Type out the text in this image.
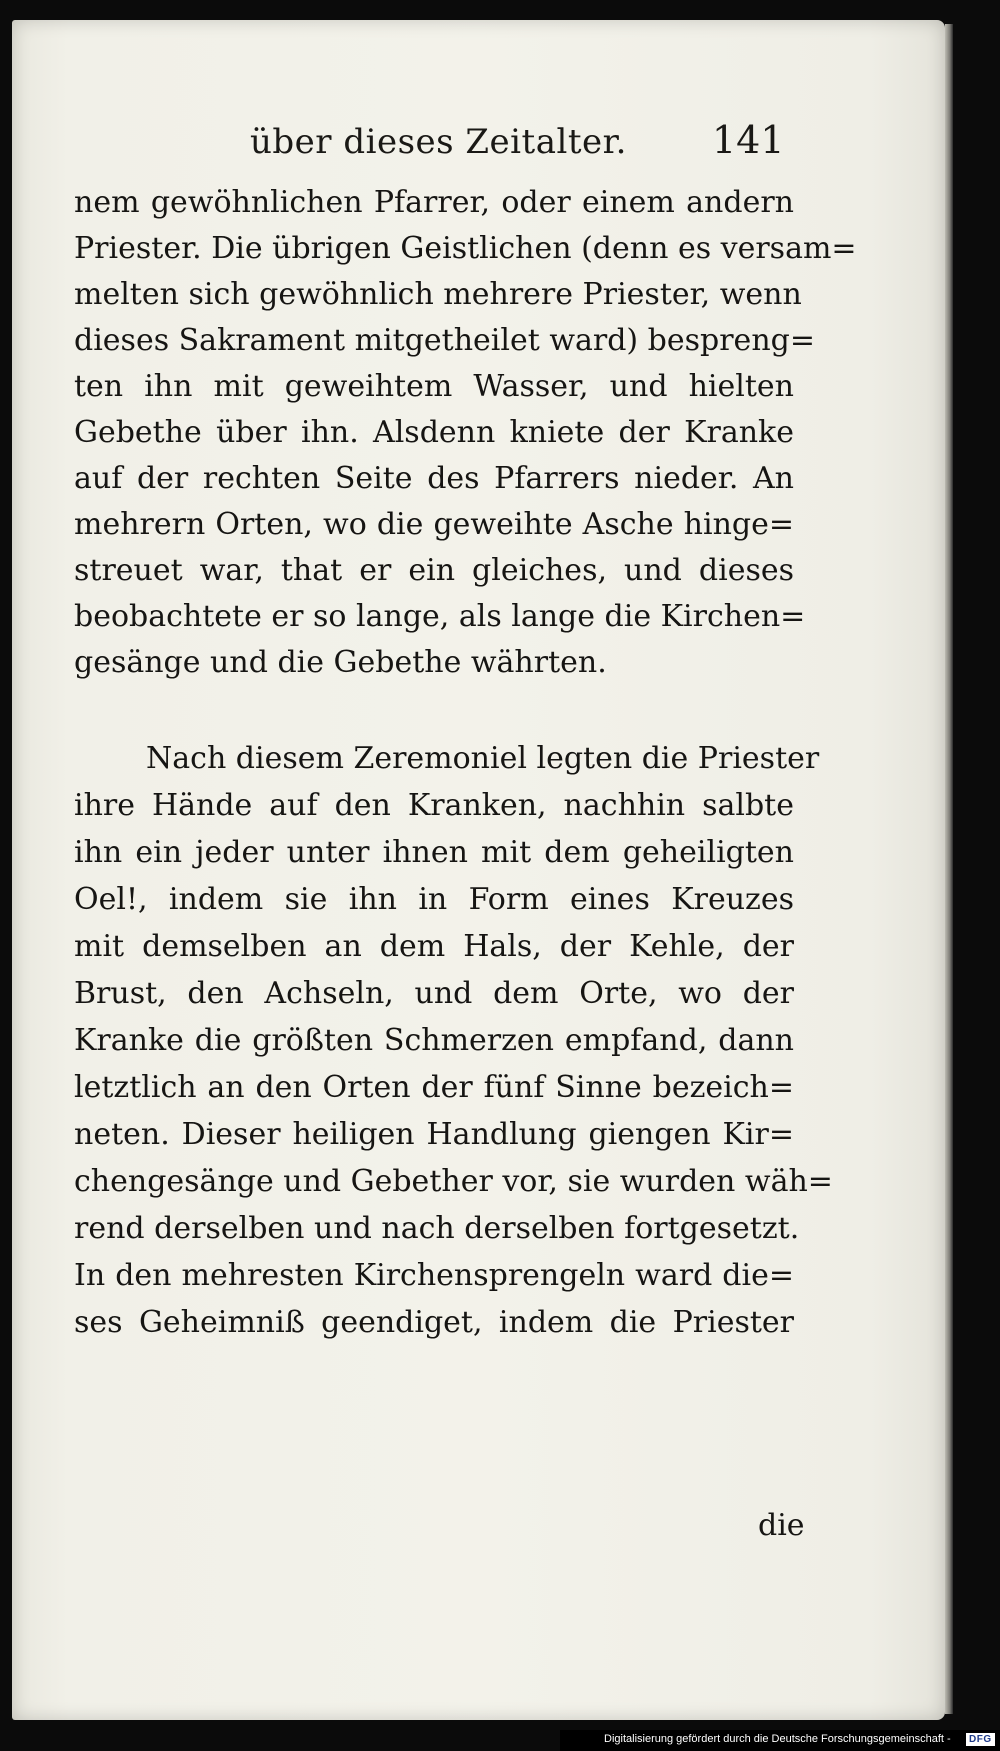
über dieses Zeitalter. 141
nem gewöhnlichen Pfarrer, oder einem andern
Priester. Die übrigen Geistlichen (denn es versam=
melten sich gewöhnlich mehrere Priester, wenn
dieses Sakrament mitgetheilet ward) bespreng=
ten ihn mit geweihtem Wasser, und hielten
Gebethe über ihn. Alsdenn kniete der Kranke
auf der rechten Seite des Pfarrers nieder. An
mehrern Orten, wo die geweihte Asche hinge=
streuet war, that er ein gleiches, und dieses
beobachtete er so lange, als lange die Kirchen=
gesänge und die Gebethe währten.
Nach diesem Zeremoniel legten die Priester
ihre Hände auf den Kranken, nachhin salbte
ihn ein jeder unter ihnen mit dem geheiligten
Oel!, indem sie ihn in Form eines Kreuzes
mit demselben an dem Hals, der Kehle, der
Brust, den Achseln, und dem Orte, wo der
Kranke die größten Schmerzen empfand, dann
letztlich an den Orten der fünf Sinne bezeich=
neten. Dieser heiligen Handlung giengen Kir=
chengesänge und Gebether vor, sie wurden wäh=
rend derselben und nach derselben fortgesetzt.
In den mehresten Kirchensprengeln ward die=
ses Geheimniß geendiget, indem die Priester
die
Digitalisierung gefördert durch die Deutsche Forschungsgemeinschaft -	DFG
